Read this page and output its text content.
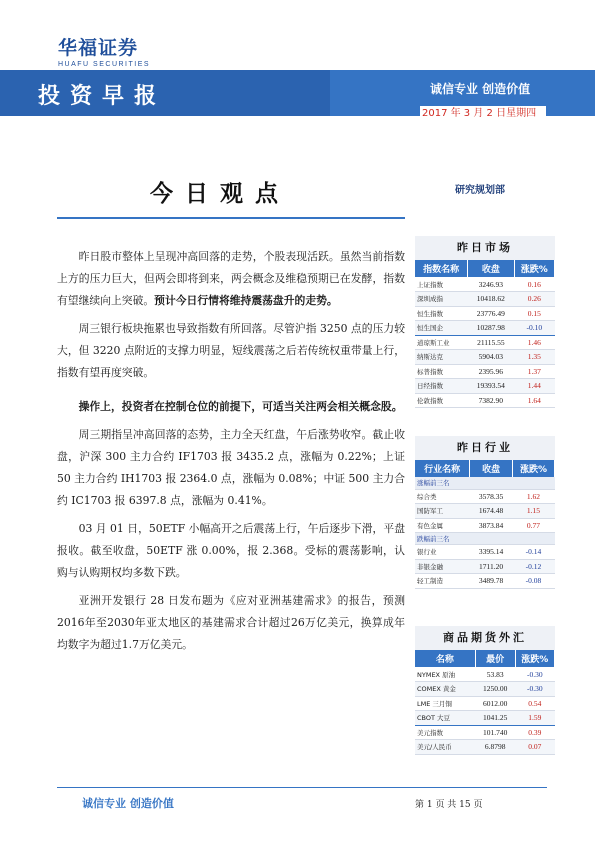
华福证券
HUAFU SECURITIES
投资早报	诚信专业 创造价值
2017 年 3 月 2 日星期四
今日观点	研究规划部

昨日股市整体上呈现冲高回落的走势，个股表现活跃。虽然当前指数上方的压力巨大，但两会即将到来，两会概念及维稳预期已在发酵，指数有望继续向上突破。预计今日行情将维持震荡盘升的走势。

周三银行板块拖累也导致指数有所回落。尽管沪指 3250 点的压力较大，但 3220 点附近的支撑力明显，短线震荡之后若传统权重带量上行，指数有望再度突破。

操作上，投资者在控制仓位的前提下，可适当关注两会相关概念股。

周三期指呈冲高回落的态势，主力全天红盘，午后涨势收窄。截止收盘，沪深 300 主力合约 IF1703 报 3435.2 点，涨幅为 0.22%；上证 50 主力合约 IH1703 报 2364.0 点，涨幅为 0.08%；中证 500 主力合约 IC1703 报 6397.8 点，涨幅为 0.41%。

03 月 01 日，50ETF 小幅高开之后震荡上行，午后逐步下滑，平盘报收。截至收盘，50ETF 涨 0.00%，报 2.368。受标的震荡影响，认购与认购期权均多数下跌。

亚洲开发银行 28 日发布题为《应对亚洲基建需求》的报告，预测2016年至2030年亚太地区的基建需求合计超过26万亿美元，换算成年均数字为超过1.7万亿美元。

昨日市场
指数名称	收盘	涨跌%
上证指数	3246.93	0.16
深圳成指	10418.62	0.26
恒生指数	23776.49	0.15
恒生国企	10287.98	-0.10
道琼斯工业	21115.55	1.46
纳斯达克	5904.03	1.35
标普指数	2395.96	1.37
日经指数	19393.54	1.44
伦敦指数	7382.90	1.64
昨日行业
行业名称	收盘	涨跌%
涨幅前三名		
综合类	3578.35	1.62
国防军工	1674.48	1.15
有色金属	3873.84	0.77
跌幅前三名		
银行业	3395.14	-0.14
非银金融	1711.20	-0.12
轻工制造	3489.78	-0.08
商品期货外汇
名称	最价	涨跌%
NYMEX 原油	53.83	-0.30
COMEX 黄金	1250.00	-0.30
LME 三月铜	6012.00	0.54
CBOT 大豆	1041.25	1.59
美元指数	101.740	0.39
美元/人民币	6.8798	0.07
诚信专业 创造价值	第 1 页 共 15 页
